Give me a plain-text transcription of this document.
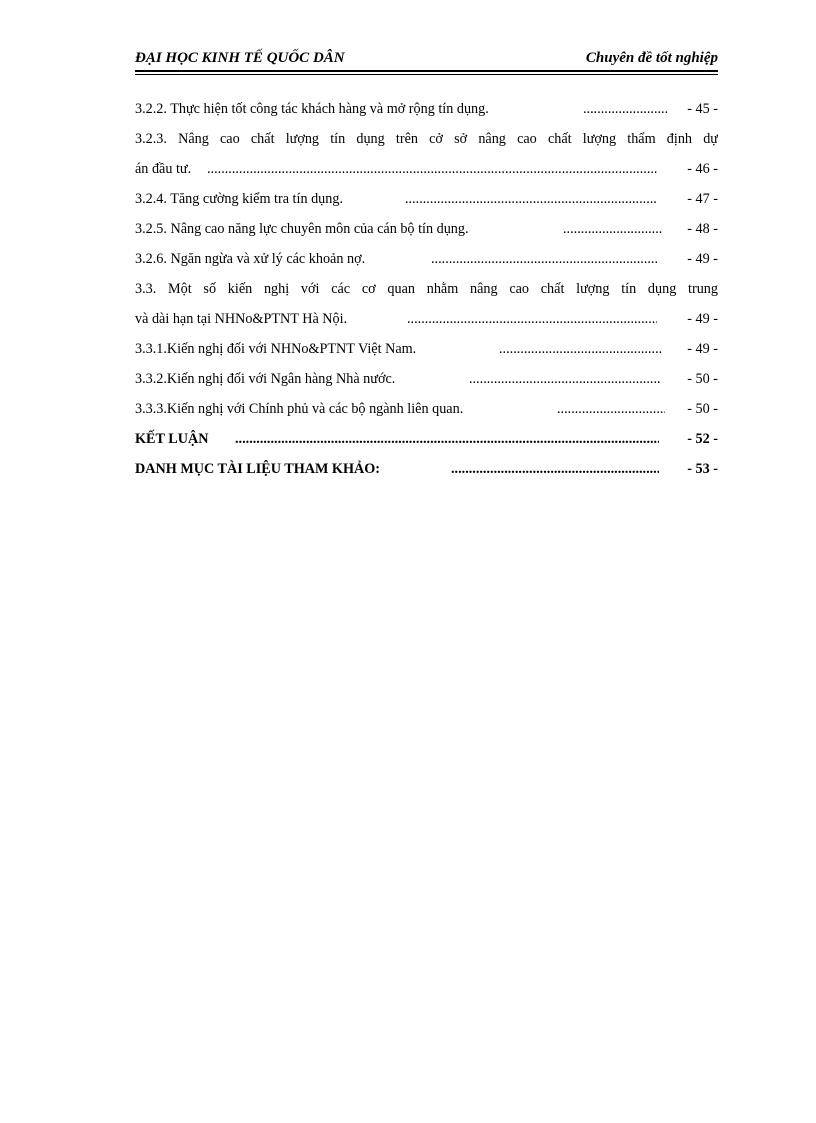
ĐẠI HỌC KINH TẾ QUỐC DÂN	Chuyên đề tốt nghiệp
3.2.2. Thực hiện tốt công tác khách hàng và mở rộng tín dụng. .....	- 45 -
3.2.3. Nâng cao chất lượng tín dụng trên cở sở nâng cao chất lượng thẩm định dự
án đầu tư. .....	- 46 -
3.2.4. Tăng cường kiểm tra tín dụng. .....	- 47 -
3.2.5. Nâng cao năng lực chuyên môn của cán bộ tín dụng. .....	- 48 -
3.2.6. Ngăn ngừa và xử lý các khoản nợ. .....	- 49 -
3.3. Một số kiến nghị với các cơ quan nhằm nâng cao chất lượng tín dụng trung
và dài hạn tại NHNo&PTNT Hà Nội. .....	- 49 -
3.3.1.Kiến nghị đối với NHNo&PTNT Việt Nam. .....	- 49 -
3.3.2.Kiến nghị đối với Ngân hàng Nhà nước. .....	- 50 -
3.3.3.Kiến nghị với Chính phủ và các bộ ngành liên quan. .....	- 50 -
KẾT LUẬN .....	- 52 -
DANH MỤC TÀI LIỆU THAM KHẢO: .....	- 53 -
